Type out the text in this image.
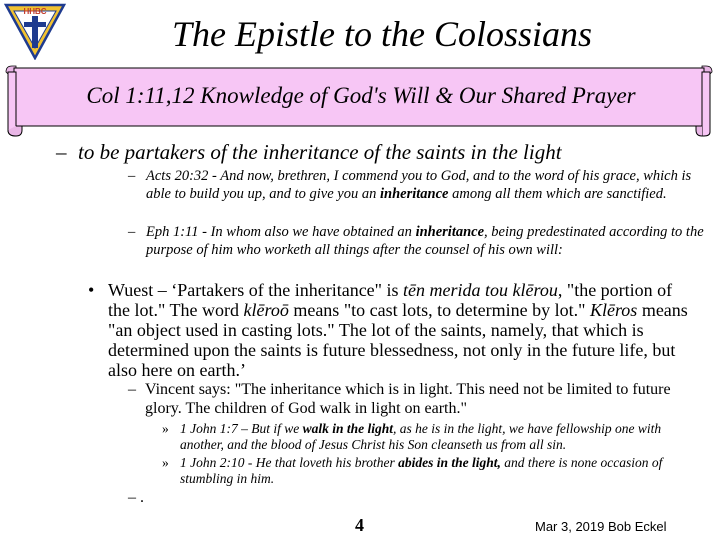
HHBC
The Epistle to the Colossians
Col 1:11,12 Knowledge of God's Will & Our Shared Prayer
– to be partakers of the inheritance of the saints in the light
– Acts 20:32 - And now, brethren, I commend you to God, and to the word of his grace, which is able to build you up, and to give you an inheritance among all them which are sanctified.
– Eph 1:11 - In whom also we have obtained an inheritance, being predestinated according to the purpose of him who worketh all things after the counsel of his own will:
• Wuest – ‘Partakers of the inheritance" is tēn merida tou klērou, "the portion of the lot." The word klēroō means "to cast lots, to determine by lot." Klēros means "an object used in casting lots." The lot of the saints, namely, that which is determined upon the saints is future blessedness, not only in the future life, but also here on earth.’
– Vincent says: "The inheritance which is in light. This need not be limited to future glory. The children of God walk in light on earth."
» 1 John 1:7 – But if we walk in the light, as he is in the light, we have fellowship one with another, and the blood of Jesus Christ his Son cleanseth us from all sin.
» 1 John 2:10 - He that loveth his brother abides in the light, and there is none occasion of stumbling in him.
– .
4	Mar 3, 2019 Bob Eckel
